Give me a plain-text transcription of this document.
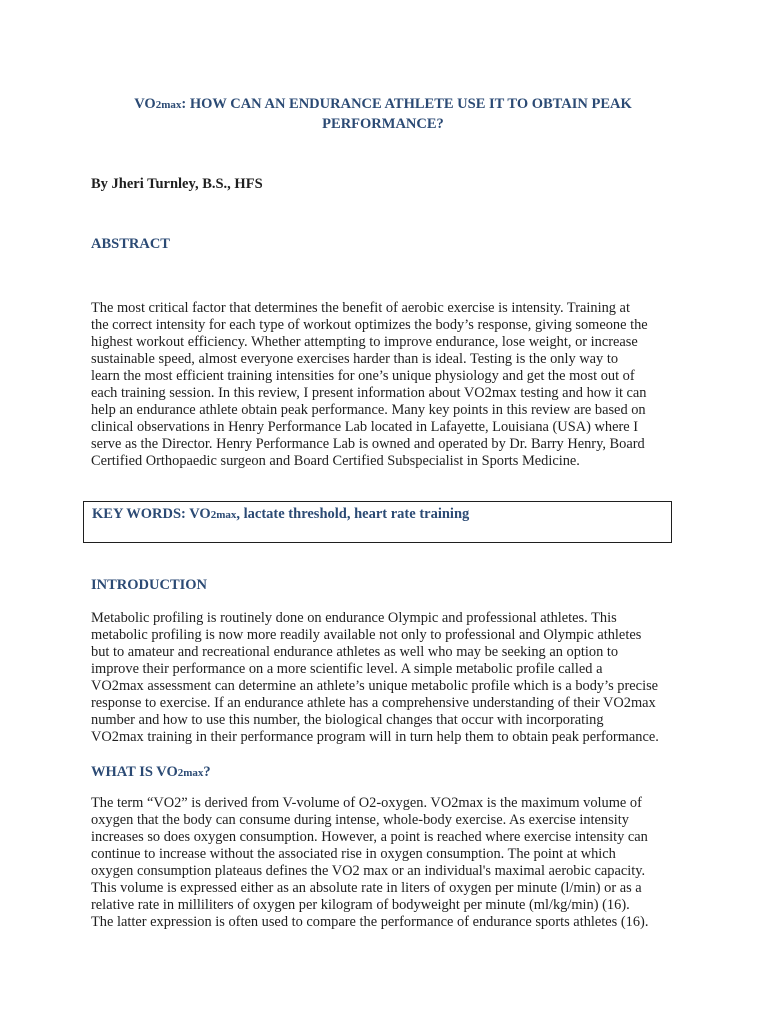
VO2max: HOW CAN AN ENDURANCE ATHLETE USE IT TO OBTAIN PEAK
PERFORMANCE?
By Jheri Turnley, B.S., HFS
ABSTRACT

The most critical factor that determines the benefit of aerobic exercise is intensity. Training at
the correct intensity for each type of workout optimizes the body’s response, giving someone the
highest workout efficiency. Whether attempting to improve endurance, lose weight, or increase
sustainable speed, almost everyone exercises harder than is ideal. Testing is the only way to
learn the most efficient training intensities for one’s unique physiology and get the most out of
each training session. In this review, I present information about VO2max testing and how it can
help an endurance athlete obtain peak performance. Many key points in this review are based on
clinical observations in Henry Performance Lab located in Lafayette, Louisiana (USA) where I
serve as the Director. Henry Performance Lab is owned and operated by Dr. Barry Henry, Board
Certified Orthopaedic surgeon and Board Certified Subspecialist in Sports Medicine.

KEY WORDS: VO2max, lactate threshold, heart rate training
INTRODUCTION

Metabolic profiling is routinely done on endurance Olympic and professional athletes. This
metabolic profiling is now more readily available not only to professional and Olympic athletes
but to amateur and recreational endurance athletes as well who may be seeking an option to
improve their performance on a more scientific level. A simple metabolic profile called a
VO2max assessment can determine an athlete’s unique metabolic profile which is a body’s precise
response to exercise. If an endurance athlete has a comprehensive understanding of their VO2max
number and how to use this number, the biological changes that occur with incorporating
VO2max training in their performance program will in turn help them to obtain peak performance.

WHAT IS VO2max?

The term “VO2” is derived from V-volume of O2-oxygen. VO2max is the maximum volume of
oxygen that the body can consume during intense, whole-body exercise. As exercise intensity
increases so does oxygen consumption. However, a point is reached where exercise intensity can
continue to increase without the associated rise in oxygen consumption. The point at which
oxygen consumption plateaus defines the VO2 max or an individual's maximal aerobic capacity.
This volume is expressed either as an absolute rate in liters of oxygen per minute (l/min) or as a
relative rate in milliliters of oxygen per kilogram of bodyweight per minute (ml/kg/min) (16).
The latter expression is often used to compare the performance of endurance sports athletes (16).
